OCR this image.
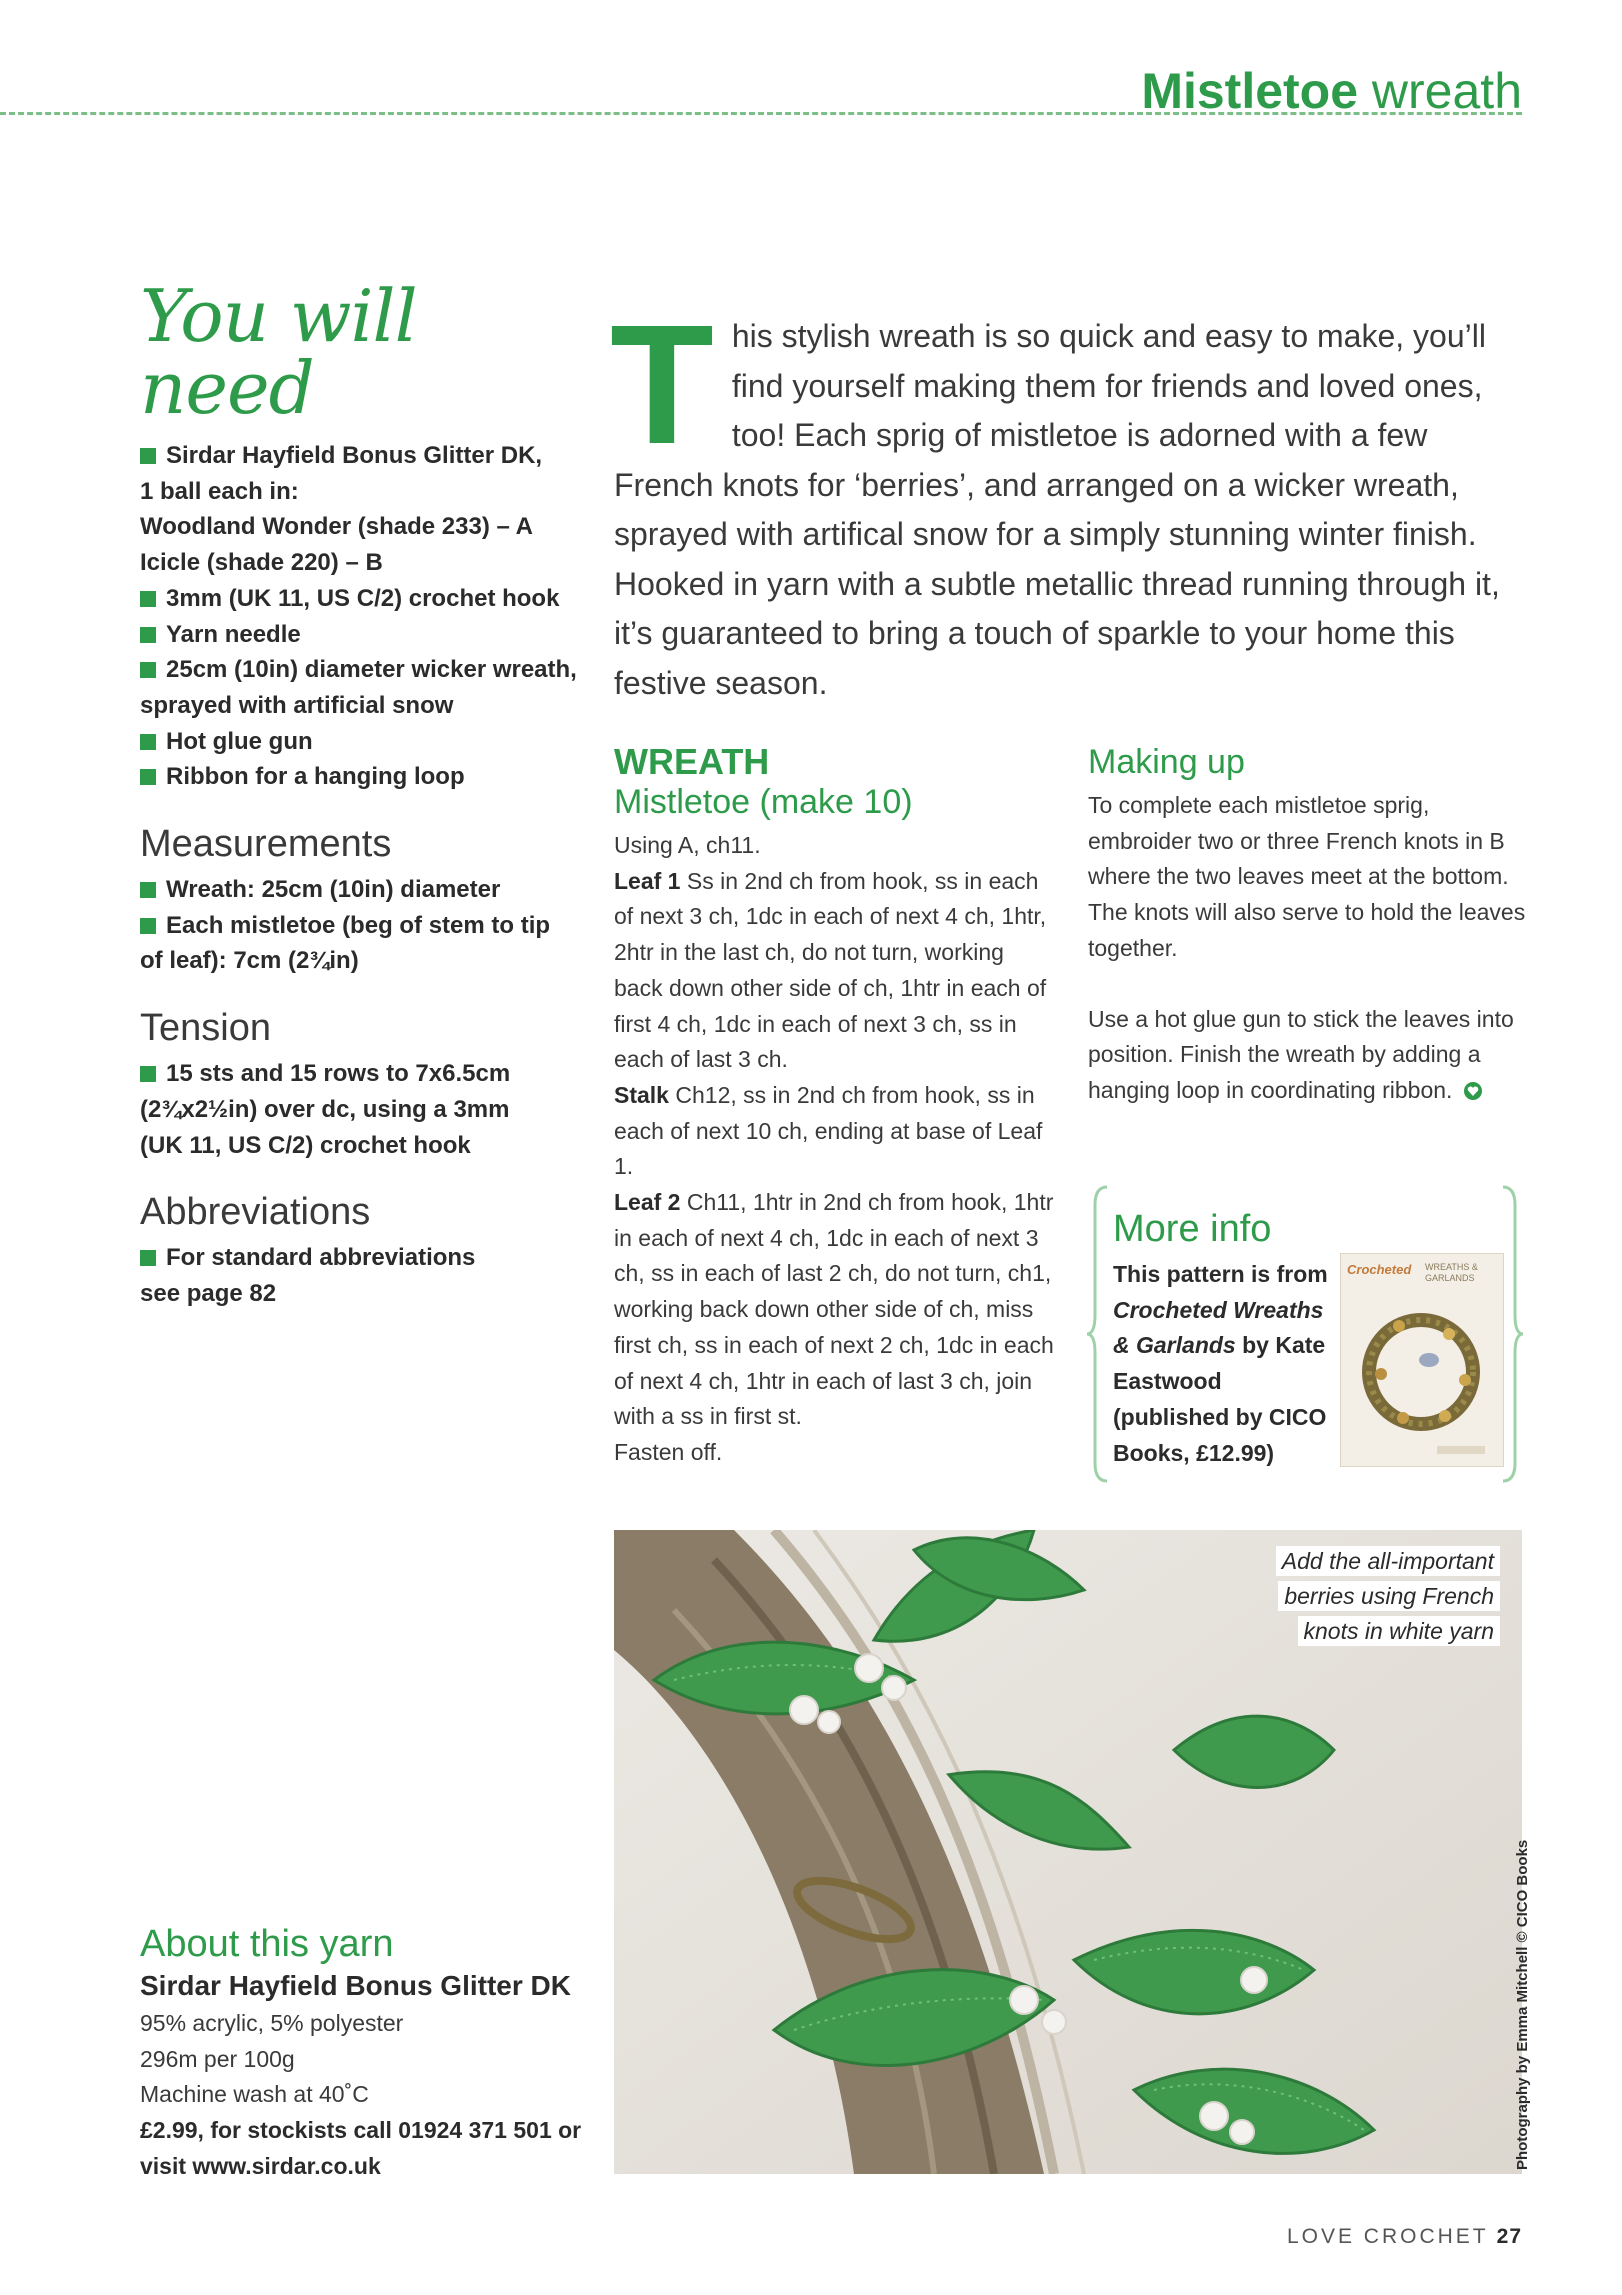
Mistletoe wreath
You will need
Sirdar Hayfield Bonus Glitter DK,
1 ball each in:
Woodland Wonder (shade 233) – A
Icicle (shade 220) – B
3mm (UK 11, US C/2) crochet hook
Yarn needle
25cm (10in) diameter wicker wreath,
sprayed with artificial snow
Hot glue gun
Ribbon for a hanging loop
Measurements
Wreath: 25cm (10in) diameter
Each mistletoe (beg of stem to tip
of leaf): 7cm (2¾in)
Tension
15 sts and 15 rows to 7x6.5cm
(2¾x2½in) over dc, using a 3mm
(UK 11, US C/2) crochet hook
Abbreviations
For standard abbreviations
see page 82
T his stylish wreath is so quick and easy to make, you’ll find yourself making them for friends and loved ones, too! Each sprig of mistletoe is adorned with a few French knots for ‘berries’, and arranged on a wicker wreath, sprayed with artifical snow for a simply stunning winter finish. Hooked in yarn with a subtle metallic thread running through it, it’s guaranteed to bring a touch of sparkle to your home this festive season.
WREATH
Mistletoe (make 10)
Using A, ch11.
Leaf 1 Ss in 2nd ch from hook, ss in each of next 3 ch, 1dc in each of next 4 ch, 1htr, 2htr in the last ch, do not turn, working back down other side of ch, 1htr in each of first 4 ch, 1dc in each of next 3 ch, ss in each of last 3 ch.
Stalk Ch12, ss in 2nd ch from hook, ss in each of next 10 ch, ending at base of Leaf 1.
Leaf 2 Ch11, 1htr in 2nd ch from hook, 1htr in each of next 4 ch, 1dc in each of next 3 ch, ss in each of last 2 ch, do not turn, ch1, working back down other side of ch, miss first ch, ss in each of next 2 ch, 1dc in each of next 4 ch, 1htr in each of last 3 ch, join with a ss in first st.
Fasten off.
Making up
To complete each mistletoe sprig, embroider two or three French knots in B where the two leaves meet at the bottom. The knots will also serve to hold the leaves together.
Use a hot glue gun to stick the leaves into position. Finish the wreath by adding a hanging loop in coordinating ribbon.
More info
This pattern is from Crocheted Wreaths & Garlands by Kate Eastwood (published by CICO Books, £12.99)
Crocheted WREATHS & GARLANDS
Add the all-important
berries using French
knots in white yarn
Photography by Emma Mitchell © CICO Books
About this yarn
Sirdar Hayfield Bonus Glitter DK
95% acrylic, 5% polyester
296m per 100g
Machine wash at 40˚C
£2.99, for stockists call 01924 371 501 or visit www.sirdar.co.uk
LOVE CROCHET 27
